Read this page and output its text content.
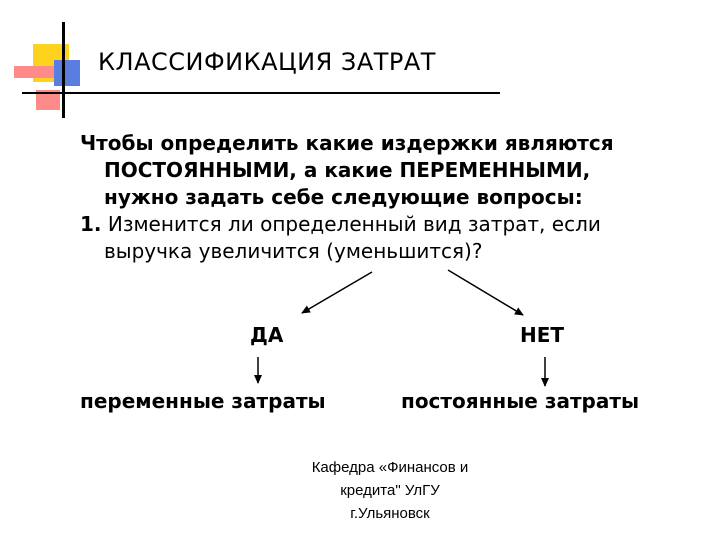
КЛАССИФИКАЦИЯ ЗАТРАТ
Чтобы определить какие издержки являются
ПОСТОЯННЫМИ, а какие ПЕРЕМЕННЫМИ,
нужно задать себе следующие вопросы:
1. Изменится ли определенный вид затрат, если
выручка увеличится (уменьшится)?
ДА	НЕТ
переменные затраты	постоянные затраты
Кафедра «Финансов и
кредита" УлГУ
г.Ульяновск
